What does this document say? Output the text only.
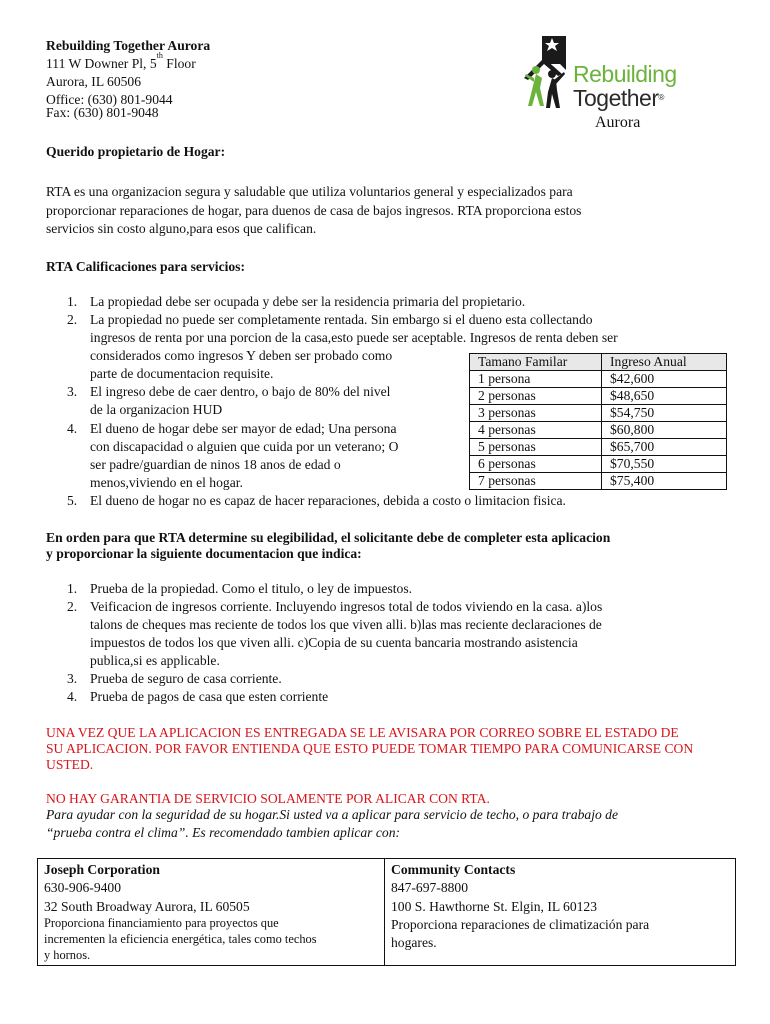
Rebuilding Together Aurora
111 W Downer Pl, 5th Floor
Aurora, IL 60506
Office: (630) 801-9044
Fax: (630) 801-9048
Rebuilding
Together®
Aurora
Querido propietario de Hogar:
RTA es una organizacion segura y saludable que utiliza voluntarios general y especializados para
proporcionar reparaciones de hogar, para duenos de casa de bajos ingresos. RTA proporciona estos
servicios sin costo alguno,para esos que califican.
RTA Calificaciones para servicios:
1. La propiedad debe ser ocupada y debe ser la residencia primaria del propietario.
2. La propiedad no puede ser completamente rentada. Sin embargo si el dueno esta collectando
ingresos de renta por una porcion de la casa,esto puede ser aceptable. Ingresos de renta deben ser
considerados como ingresos Y deben ser probado como
parte de documentacion requisite.
3. El ingreso debe de caer dentro, o bajo de 80% del nivel
de la organizacion HUD
4. El dueno de hogar debe ser mayor de edad; Una persona
con discapacidad o alguien que cuida por un veterano; O
ser padre/guardian de ninos 18 anos de edad o
menos,viviendo en el hogar.
5. El dueno de hogar no es capaz de hacer reparaciones, debida a costo o limitacion fisica.
Tamano Familar	Ingreso Anual
1 persona	$42,600
2 personas	$48,650
3 personas	$54,750
4 personas	$60,800
5 personas	$65,700
6 personas	$70,550
7 personas	$75,400
En orden para que RTA determine su elegibilidad, el solicitante debe de completer esta aplicacion
y proporcionar la siguiente documentacion que indica:
1. Prueba de la propiedad. Como el titulo, o ley de impuestos.
2. Veificacion de ingresos corriente. Incluyendo ingresos total de todos viviendo en la casa. a)los
talons de cheques mas reciente de todos los que viven alli. b)las mas reciente declaraciones de
impuestos de todos los que viven alli. c)Copia de su cuenta bancaria mostrando asistencia
publica,si es applicable.
3. Prueba de seguro de casa corriente.
4. Prueba de pagos de casa que esten corriente
UNA VEZ QUE LA APLICACION ES ENTREGADA SE LE AVISARA POR CORREO SOBRE EL ESTADO DE
SU APLICACION. POR FAVOR ENTIENDA QUE ESTO PUEDE TOMAR TIEMPO PARA COMUNICARSE CON
USTED.
NO HAY GARANTIA DE SERVICIO SOLAMENTE POR ALICAR CON RTA.
Para ayudar con la seguridad de su hogar.Si usted va a aplicar para servicio de techo, o para trabajo de
“prueba contra el clima”. Es recomendado tambien aplicar con:
Joseph Corporation
630-906-9400
32 South Broadway Aurora, IL 60505
Proporciona financiamiento para proyectos que
incrementen la eficiencia energética, tales como techos
y hornos.
Community Contacts
847-697-8800
100 S. Hawthorne St. Elgin, IL 60123
Proporciona reparaciones de climatización para
hogares.
